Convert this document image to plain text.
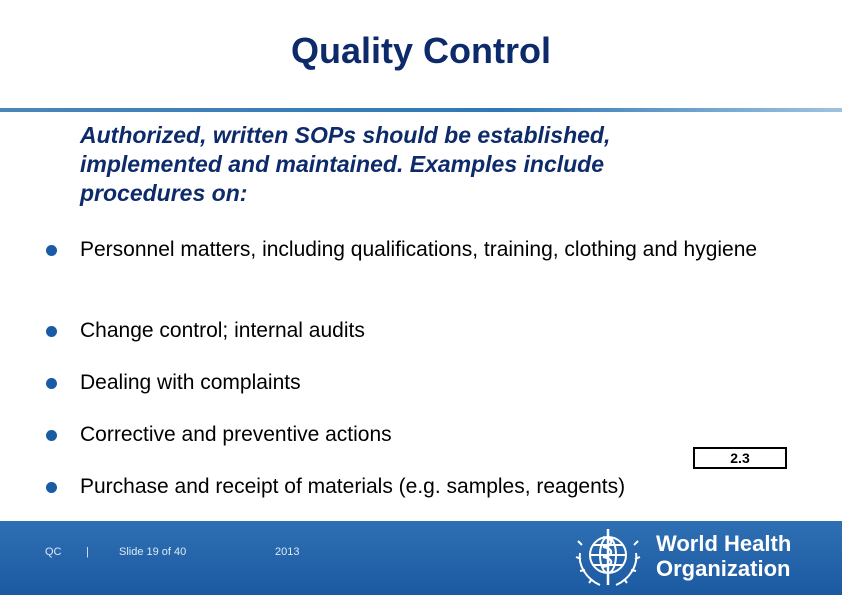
Quality Control
Authorized, written SOPs should be established, implemented and maintained. Examples include procedures on:
Personnel matters, including qualifications, training, clothing and hygiene
Change control; internal audits
Dealing with complaints
Corrective and preventive actions
Purchase and receipt of materials (e.g. samples, reagents)
2.3
QC |	Slide 19 of 40	2013	World Health
Organization
